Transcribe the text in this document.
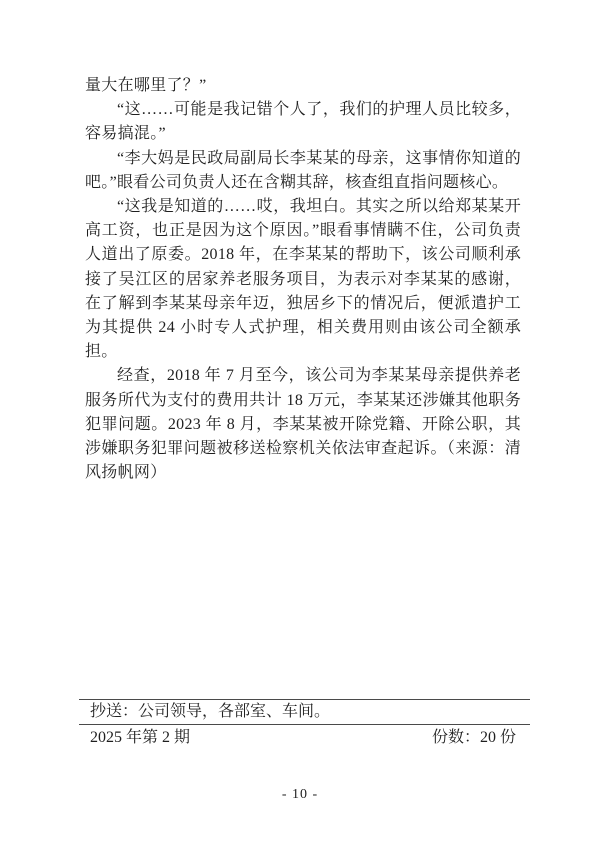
量大在哪里了？”

“这……可能是我记错个人了，我们的护理人员比较多，容易搞混。”

“李大妈是民政局副局长李某某的母亲，这事情你知道的吧。”眼看公司负责人还在含糊其辞，核查组直指问题核心。

“这我是知道的……哎，我坦白。其实之所以给郑某某开高工资，也正是因为这个原因。”眼看事情瞒不住，公司负责人道出了原委。2018 年，在李某某的帮助下，该公司顺利承接了吴江区的居家养老服务项目，为表示对李某某的感谢，在了解到李某某母亲年迈，独居乡下的情况后，便派遣护工为其提供 24 小时专人式护理，相关费用则由该公司全额承担。

经查，2018 年 7 月至今，该公司为李某某母亲提供养老服务所代为支付的费用共计 18 万元，李某某还涉嫌其他职务犯罪问题。2023 年 8 月，李某某被开除党籍、开除公职，其涉嫌职务犯罪问题被移送检察机关依法审查起诉。（来源：清风扬帆网）

抄送：公司领导，各部室、车间。
2025 年第 2 期	份数：20 份
- 10 -
